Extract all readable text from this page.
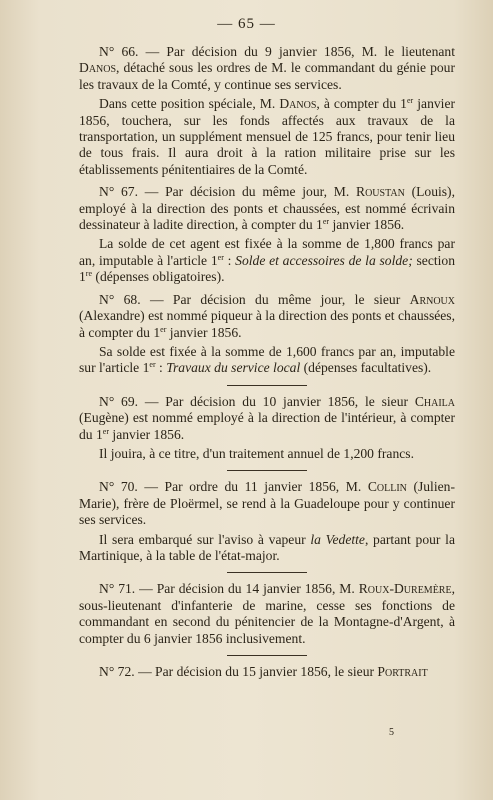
— 65 —

N° 66. — Par décision du 9 janvier 1856, M. le lieutenant Danos, détaché sous les ordres de M. le commandant du génie pour les travaux de la Comté, y continue ses services.

Dans cette position spéciale, M. Danos, à compter du 1er janvier 1856, touchera, sur les fonds affectés aux travaux de la transportation, un supplément mensuel de 125 francs, pour tenir lieu de tous frais. Il aura droit à la ration militaire prise sur les établissements pénitentiaires de la Comté.

N° 67. — Par décision du même jour, M. Roustan (Louis), employé à la direction des ponts et chaussées, est nommé écrivain dessinateur à ladite direction, à compter du 1er janvier 1856.

La solde de cet agent est fixée à la somme de 1,800 francs par an, imputable à l'article 1er : Solde et accessoires de la solde; section 1re (dépenses obligatoires).

N° 68. — Par décision du même jour, le sieur Arnoux (Alexandre) est nommé piqueur à la direction des ponts et chaussées, à compter du 1er janvier 1856.

Sa solde est fixée à la somme de 1,600 francs par an, imputable sur l'article 1er : Travaux du service local (dépenses facultatives).

N° 69. — Par décision du 10 janvier 1856, le sieur Chaila (Eugène) est nommé employé à la direction de l'intérieur, à compter du 1er janvier 1856.

Il jouira, à ce titre, d'un traitement annuel de 1,200 francs.

N° 70. — Par ordre du 11 janvier 1856, M. Collin (Julien-Marie), frère de Ploërmel, se rend à la Guadeloupe pour y continuer ses services.

Il sera embarqué sur l'aviso à vapeur la Vedette, partant pour la Martinique, à la table de l'état-major.

N° 71. — Par décision du 14 janvier 1856, M. Roux-Duremère, sous-lieutenant d'infanterie de marine, cesse ses fonctions de commandant en second du pénitencier de la Montagne-d'Argent, à compter du 6 janvier 1856 inclusivement.

N° 72. — Par décision du 15 janvier 1856, le sieur Portrait

5
